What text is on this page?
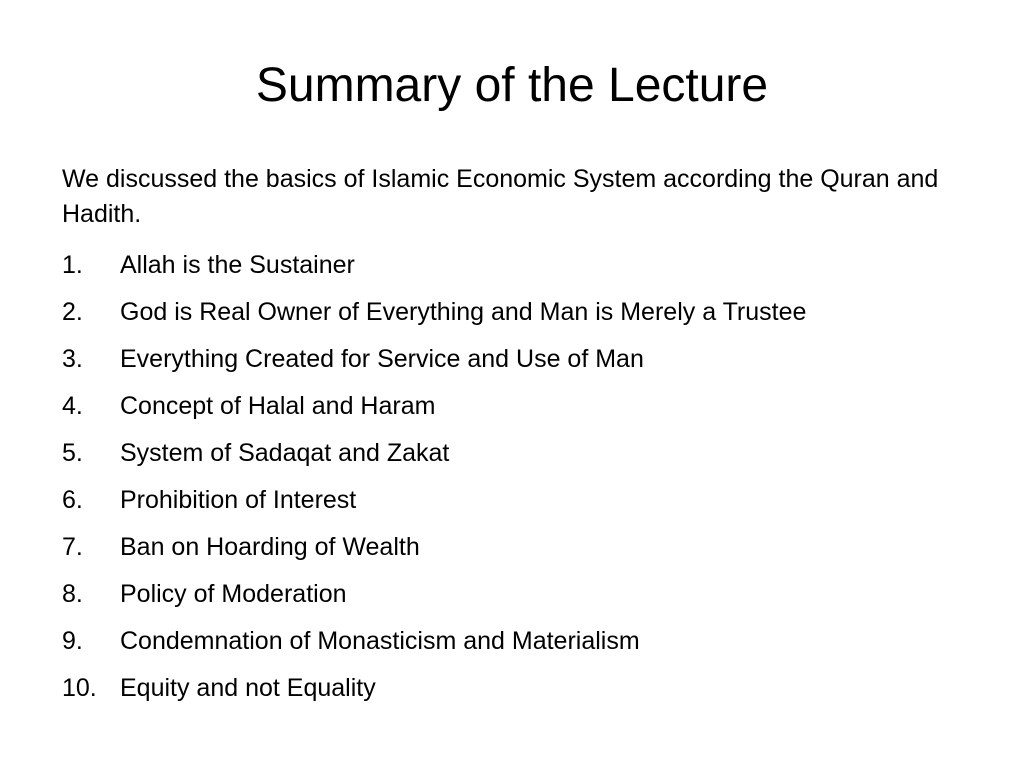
Summary of the Lecture

We discussed the basics of Islamic Economic System according the Quran and Hadith.

1. Allah is the Sustainer
2. God is Real Owner of Everything and Man is Merely a Trustee
3. Everything Created for Service and Use of Man
4. Concept of Halal and Haram
5. System of Sadaqat and Zakat
6. Prohibition of Interest
7. Ban on Hoarding of Wealth
8. Policy of Moderation
9. Condemnation of Monasticism and Materialism
10. Equity and not Equality
